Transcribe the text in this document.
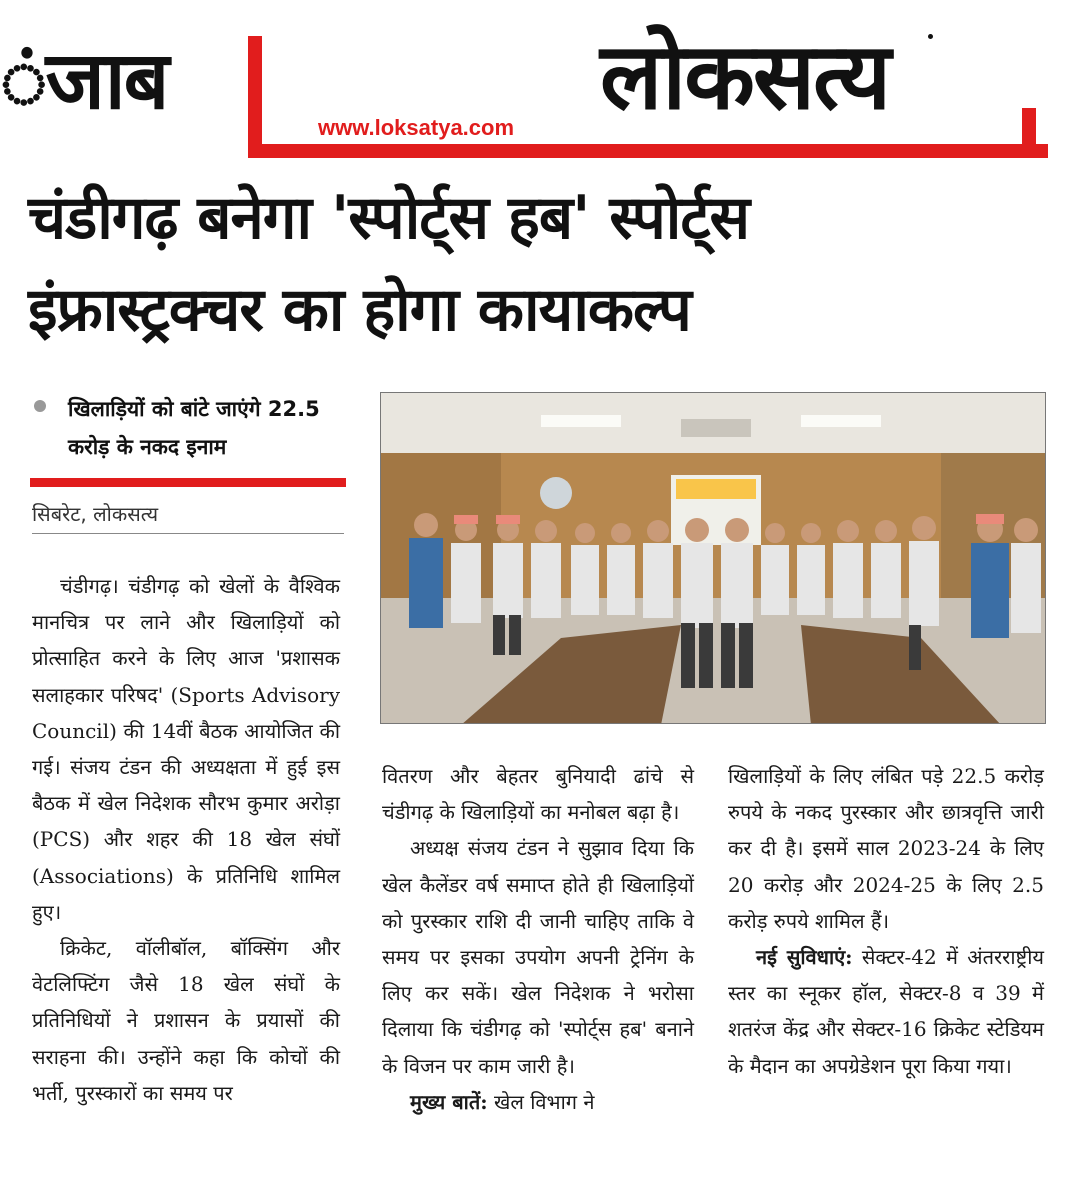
ंजाब
www.loksatya.com लोकसत्य
चंडीगढ़ बनेगा 'स्पोर्ट्स हब' स्पोर्ट्स
इंफ्रास्ट्रक्चर का होगा कायाकल्प
खिलाड़ियों को बांटे जाएंगे 22.5 करोड़ के नकद इनाम
सिबरेट, लोकसत्य

चंडीगढ़। चंडीगढ़ को खेलों के वैश्विक मानचित्र पर लाने और खिलाड़ियों को प्रोत्साहित करने के लिए आज 'प्रशासक सलाहकार परिषद' (Sports Advisory Council) की 14वीं बैठक आयोजित की गई। संजय टंडन की अध्यक्षता में हुई इस बैठक में खेल निदेशक सौरभ कुमार अरोड़ा (PCS) और शहर की 18 खेल संघों (Associations) के प्रतिनिधि शामिल हुए।

क्रिकेट, वॉलीबॉल, बॉक्सिंग और वेटलिफ्टिंग जैसे 18 खेल संघों के प्रतिनिधियों ने प्रशासन के प्रयासों की सराहना की। उन्होंने कहा कि कोचों की भर्ती, पुरस्कारों का समय पर

वितरण और बेहतर बुनियादी ढांचे से चंडीगढ़ के खिलाड़ियों का मनोबल बढ़ा है।

अध्यक्ष संजय टंडन ने सुझाव दिया कि खेल कैलेंडर वर्ष समाप्त होते ही खिलाड़ियों को पुरस्कार राशि दी जानी चाहिए ताकि वे समय पर इसका उपयोग अपनी ट्रेनिंग के लिए कर सकें। खेल निदेशक ने भरोसा दिलाया कि चंडीगढ़ को 'स्पोर्ट्स हब' बनाने के विजन पर काम जारी है।

मुख्य बातें: खेल विभाग ने

खिलाड़ियों के लिए लंबित पड़े 22.5 करोड़ रुपये के नकद पुरस्कार और छात्रवृत्ति जारी कर दी है। इसमें साल 2023-24 के लिए 20 करोड़ और 2024-25 के लिए 2.5 करोड़ रुपये शामिल हैं।

नई सुविधाएं: सेक्टर-42 में अंतरराष्ट्रीय स्तर का स्नूकर हॉल, सेक्टर-8 व 39 में शतरंज केंद्र और सेक्टर-16 क्रिकेट स्टेडियम के मैदान का अपग्रेडेशन पूरा किया गया।
